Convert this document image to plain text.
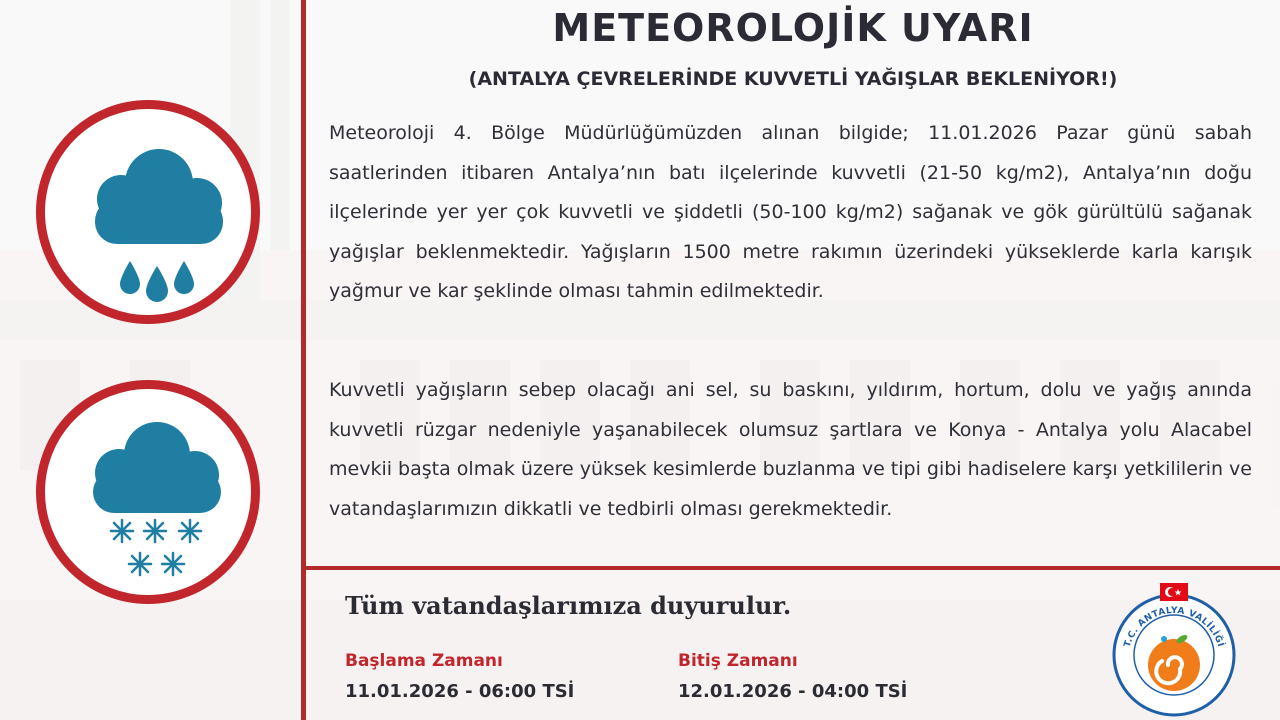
METEOROLOJİK UYARI
(ANTALYA ÇEVRELERİNDE KUVVETLİ YAĞIŞLAR BEKLENİYOR!)
Meteoroloji 4. Bölge Müdürlüğümüzden alınan bilgide; 11.01.2026 Pazar günü sabah saatlerinden itibaren Antalya’nın batı ilçelerinde kuvvetli (21-50 kg/m2), Antalya’nın doğu ilçelerinde yer yer çok kuvvetli ve şiddetli (50-100 kg/m2) sağanak ve gök gürültülü sağanak yağışlar beklenmektedir. Yağışların 1500 metre rakımın üzerindeki yükseklerde karla karışık yağmur ve kar şeklinde olması tahmin edilmektedir.
Kuvvetli yağışların sebep olacağı ani sel, su baskını, yıldırım, hortum, dolu ve yağış anında kuvvetli rüzgar nedeniyle yaşanabilecek olumsuz şartlara ve Konya - Antalya yolu Alacabel mevkii başta olmak üzere yüksek kesimlerde buzlanma ve tipi gibi hadiselere karşı yetkililerin ve vatandaşlarımızın dikkatli ve tedbirli olması gerekmektedir.
Tüm vatandaşlarımıza duyurulur.
Başlama Zamanı
11.01.2026 - 06:00 TSİ
Bitiş Zamanı
12.01.2026 - 04:00 TSİ
T.C. ANTALYA VALİLİĞİ
